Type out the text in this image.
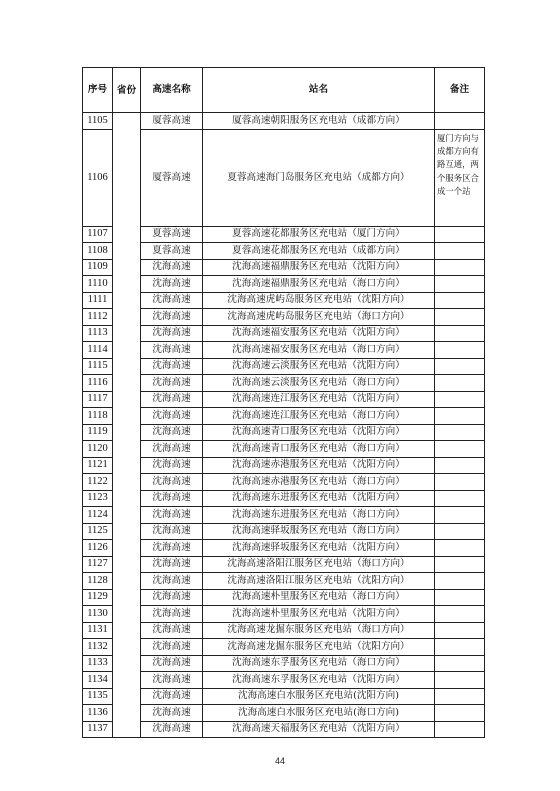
序号	省份	高速名称	站名	备注
1105		厦蓉高速	厦蓉高速朝阳服务区充电站（成都方向）	
1106		厦蓉高速	夏蓉高速海门岛服务区充电站（成都方向）	厦门方向与成都方向有路互通，两个服务区合成一个站
1107		夏蓉高速	夏蓉高速花都服务区充电站（厦门方向）	
1108		夏蓉高速	夏蓉高速花都服务区充电站（成都方向）	
1109		沈海高速	沈海高速福鼎服务区充电站（沈阳方向）	
1110		沈海高速	沈海高速福鼎服务区充电站（海口方向）	
1111		沈海高速	沈海高速虎屿岛服务区充电站（沈阳方向）	
1112		沈海高速	沈海高速虎屿岛服务区充电站（海口方向）	
1113		沈海高速	沈海高速福安服务区充电站（沈阳方向）	
1114		沈海高速	沈海高速福安服务区充电站（海口方向）	
1115		沈海高速	沈海高速云淡服务区充电站（沈阳方向）	
1116		沈海高速	沈海高速云淡服务区充电站（海口方向）	
1117		沈海高速	沈海高速连江服务区充电站（沈阳方向）	
1118		沈海高速	沈海高速连江服务区充电站（海口方向）	
1119		沈海高速	沈海高速青口服务区充电站（沈阳方向）	
1120		沈海高速	沈海高速青口服务区充电站（海口方向）	
1121		沈海高速	沈海高速赤港服务区充电站（沈阳方向）	
1122		沈海高速	沈海高速赤港服务区充电站（海口方向）	
1123		沈海高速	沈海高速东进服务区充电站（沈阳方向）	
1124		沈海高速	沈海高速东进服务区充电站（海口方向）	
1125		沈海高速	沈海高速驿坂服务区充电站（海口方向）	
1126		沈海高速	沈海高速驿坂服务区充电站（沈阳方向）	
1127		沈海高速	沈海高速洛阳江服务区充电站（海口方向）	
1128		沈海高速	沈海高速洛阳江服务区充电站（沈阳方向）	
1129		沈海高速	沈海高速朴里服务区充电站（海口方向）	
1130		沈海高速	沈海高速朴里服务区充电站（沈阳方向）	
1131		沈海高速	沈海高速龙掘东服务区充电站（海口方向）	
1132		沈海高速	沈海高速龙掘东服务区充电站（沈阳方向）	
1133		沈海高速	沈海高速东孚服务区充电站（海口方向）	
1134		沈海高速	沈海高速东孚服务区充电站（沈阳方向）	
1135		沈海高速	沈海高速白水服务区充电站(沈阳方向)	
1136		沈海高速	沈海高速白水服务区充电站(海口方向)	
1137		沈海高速	沈海高速天福服务区充电站（沈阳方向）	
44
